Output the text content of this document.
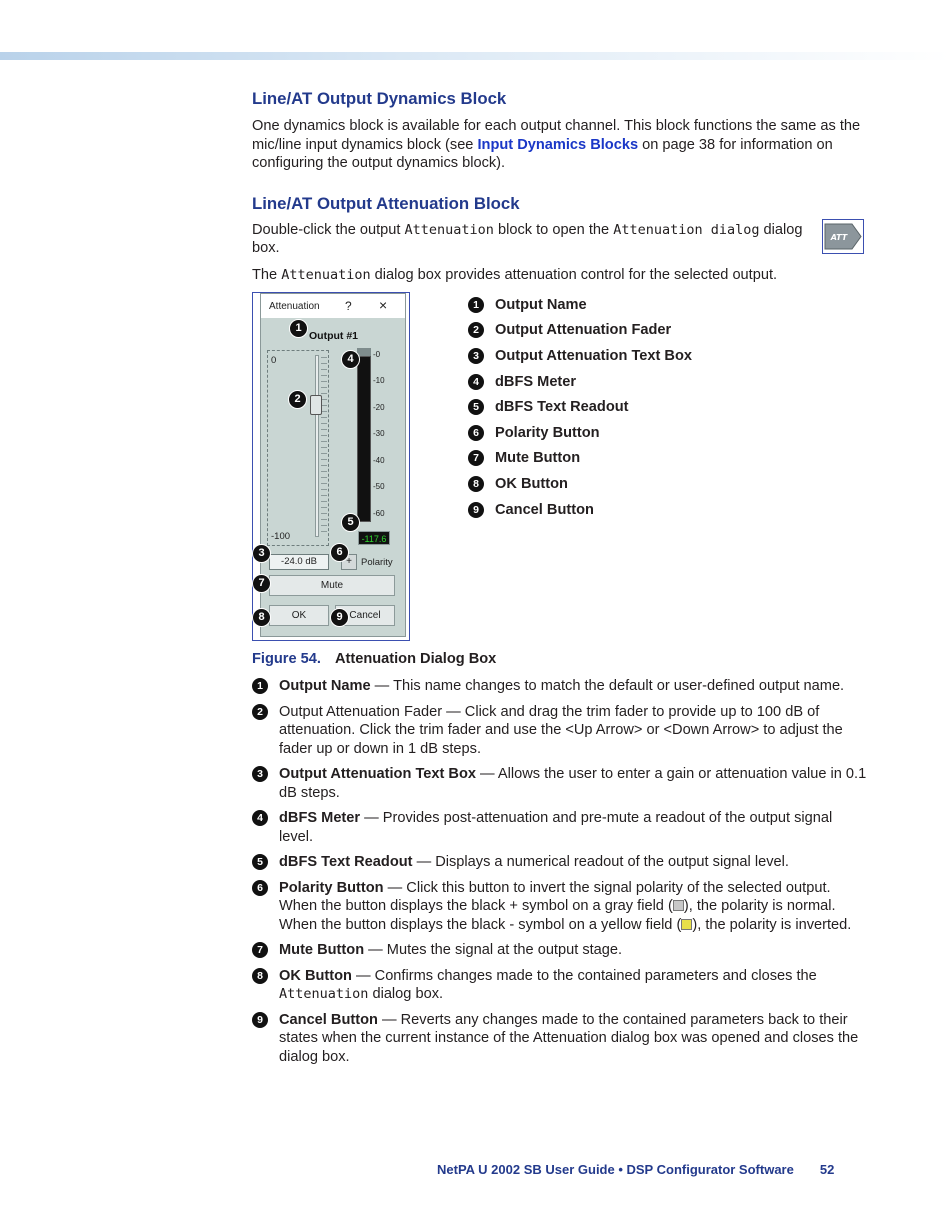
Line/AT Output Dynamics Block

One dynamics block is available for each output channel. This block functions the same as the mic/line input dynamics block (see Input Dynamics Blocks on page 38 for information on configuring the output dynamics block).

Line/AT Output Attenuation Block

Double-click the output Attenuation block to open the Attenuation dialog dialog box.

The Attenuation dialog box provides attenuation control for the selected output.

ATT
Attenuation ? ×
Output #1
0
-100
-0
-10
-20
-30
-40
-50
-60
-117.6
-24.0 dB	+ Polarity
Mute
OK	Cancel
1
2
3
4
5
6
7
8	9
1	Output Name
2	Output Attenuation Fader
3	Output Attenuation Text Box
4	dBFS Meter
5	dBFS Text Readout
6	Polarity Button
7	Mute Button
8	OK Button
9	Cancel Button
Figure 54. Attenuation Dialog Box
1	Output Name — This name changes to match the default or user-defined output name.
2	Output Attenuation Fader — Click and drag the trim fader to provide up to 100 dB of attenuation. Click the trim fader and use the <Up Arrow> or <Down Arrow> to adjust the fader up or down in 1 dB steps.
3	Output Attenuation Text Box — Allows the user to enter a gain or attenuation value in 0.1 dB steps.
4	dBFS Meter — Provides post-attenuation and pre-mute a readout of the output signal level.
5	dBFS Text Readout — Displays a numerical readout of the output signal level.
6	Polarity Button — Click this button to invert the signal polarity of the selected output. When the button displays the black + symbol on a gray field ( ), the polarity is normal. When the button displays the black - symbol on a yellow field ( ), the polarity is inverted.
7	Mute Button — Mutes the signal at the output stage.
8	OK Button — Confirms changes made to the contained parameters and closes the Attenuation dialog box.
9	Cancel Button — Reverts any changes made to the contained parameters back to their states when the current instance of the Attenuation dialog box was opened and closes the dialog box.
NetPA U 2002 SB User Guide • DSP Configurator Software 52
